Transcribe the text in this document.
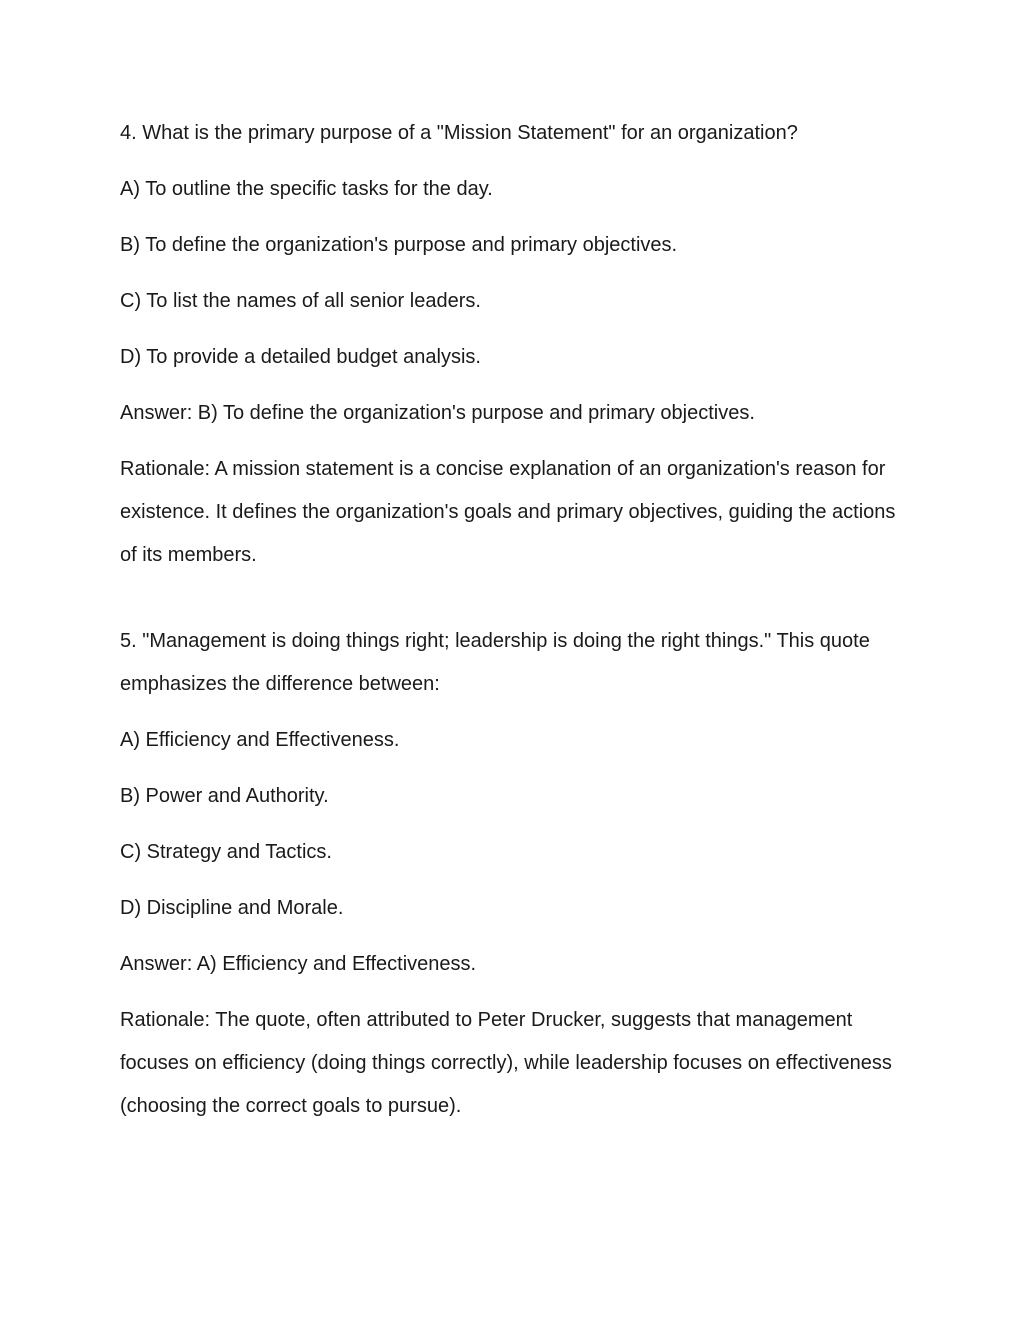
4. What is the primary purpose of a "Mission Statement" for an organization?

A) To outline the specific tasks for the day.

B) To define the organization's purpose and primary objectives.

C) To list the names of all senior leaders.

D) To provide a detailed budget analysis.

Answer: B) To define the organization's purpose and primary objectives.

Rationale: A mission statement is a concise explanation of an organization's reason for existence. It defines the organization's goals and primary objectives, guiding the actions of its members.

5. "Management is doing things right; leadership is doing the right things." This quote emphasizes the difference between:

A) Efficiency and Effectiveness.

B) Power and Authority.

C) Strategy and Tactics.

D) Discipline and Morale.

Answer: A) Efficiency and Effectiveness.

Rationale: The quote, often attributed to Peter Drucker, suggests that management focuses on efficiency (doing things correctly), while leadership focuses on effectiveness (choosing the correct goals to pursue).
